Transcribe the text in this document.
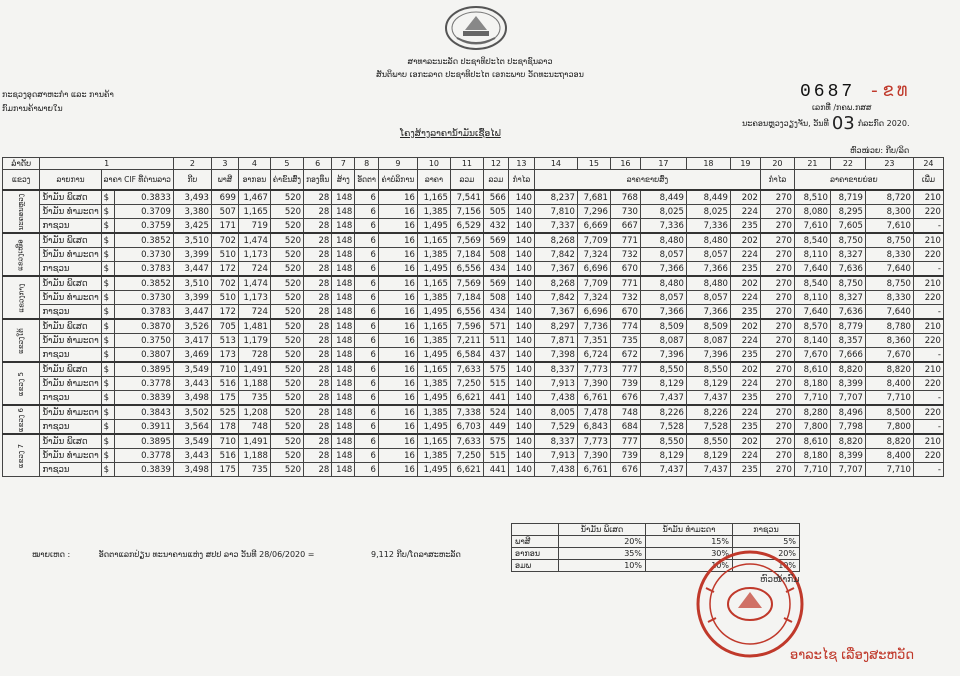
ສາທາລະນະລັດ ປະຊາທິປະໄຕ ປະຊາຊົນລາວ
ສັນຕິພາບ ເອກະລາດ ປະຊາທິປະໄຕ ເອກະພາບ ວັດທະນະຖາວອນ
ກະຊວງອຸດສາຫະກຳ ແລະ ການຄ້າ
ກົມການຄ້າພາຍໃນ
0687 -ຂທ
ເລກທີ່ /ກຄພ.ກສສ
ນະຄອນຫຼວງວຽງຈັນ, ວັນທີ 03 ກໍລະກົດ 2020.
ໂຄງສ້າງລາຄານ້ຳມັນເຊື້ອໄຟ
ຫົວໜ່ວຍ: ກີບ/ລິດ
ລຳດັບ	1			2	3	4	5	6	7	8	9	10	11	12	13	14	15	16	17	18	19	20	21	22	23	24
ແຂວງ	ລາຍການ	ລາຄາ CIF ທີ່ດ່ານລາວ		ກີບ	ພາສີ	ອາກອນ	ຄ່າຂົນສົ່ງ	ກອງທຶນ	ສ້າງ	ອັດຕາ	ຄ່າບໍລິການ	ລາຄາ	ລວມ	ລວມ	ກຳໄລ	ລາຄາຂາຍສົ່ງ						ກຳໄລ	ລາຄາຂາຍຍ່ອຍ			ເພີ່ມ
ນະຄອນຫຼວງ	ນ້ຳມັນ ພິເສດ	$	0.3833	3,493	699	1,467	520	28	148	6	16	1,165	7,541	566	140	8,237	7,681	768	8,449	8,449	202	270	8,510	8,719	8,720	210
	ນ້ຳມັນ ທຳມະດາ	$	0.3709	3,380	507	1,165	520	28	148	6	16	1,385	7,156	505	140	7,810	7,296	730	8,025	8,025	224	270	8,080	8,295	8,300	220
	ກາຊວນ	$	0.3759	3,425	171	719	520	28	148	6	16	1,495	6,529	432	140	7,337	6,669	667	7,336	7,336	235	270	7,610	7,605	7,610	-
ແຂວງເໜືອ	ນ້ຳມັນ ພິເສດ	$	0.3852	3,510	702	1,474	520	28	148	6	16	1,165	7,569	569	140	8,268	7,709	771	8,480	8,480	202	270	8,540	8,750	8,750	210
	ນ້ຳມັນ ທຳມະດາ	$	0.3730	3,399	510	1,173	520	28	148	6	16	1,385	7,184	508	140	7,842	7,324	732	8,057	8,057	224	270	8,110	8,327	8,330	220
	ກາຊວນ	$	0.3783	3,447	172	724	520	28	148	6	16	1,495	6,556	434	140	7,367	6,696	670	7,366	7,366	235	270	7,640	7,636	7,640	-
ແຂວງກາງ	ນ້ຳມັນ ພິເສດ	$	0.3852	3,510	702	1,474	520	28	148	6	16	1,165	7,569	569	140	8,268	7,709	771	8,480	8,480	202	270	8,540	8,750	8,750	210
	ນ້ຳມັນ ທຳມະດາ	$	0.3730	3,399	510	1,173	520	28	148	6	16	1,385	7,184	508	140	7,842	7,324	732	8,057	8,057	224	270	8,110	8,327	8,330	220
	ກາຊວນ	$	0.3783	3,447	172	724	520	28	148	6	16	1,495	6,556	434	140	7,367	6,696	670	7,366	7,366	235	270	7,640	7,636	7,640	-
ແຂວງໃຕ້	ນ້ຳມັນ ພິເສດ	$	0.3870	3,526	705	1,481	520	28	148	6	16	1,165	7,596	571	140	8,297	7,736	774	8,509	8,509	202	270	8,570	8,779	8,780	210
	ນ້ຳມັນ ທຳມະດາ	$	0.3750	3,417	513	1,179	520	28	148	6	16	1,385	7,211	511	140	7,871	7,351	735	8,087	8,087	224	270	8,140	8,357	8,360	220
	ກາຊວນ	$	0.3807	3,469	173	728	520	28	148	6	16	1,495	6,584	437	140	7,398	6,724	672	7,396	7,396	235	270	7,670	7,666	7,670	-
ແຂວງ 5	ນ້ຳມັນ ພິເສດ	$	0.3895	3,549	710	1,491	520	28	148	6	16	1,165	7,633	575	140	8,337	7,773	777	8,550	8,550	202	270	8,610	8,820	8,820	210
	ນ້ຳມັນ ທຳມະດາ	$	0.3778	3,443	516	1,188	520	28	148	6	16	1,385	7,250	515	140	7,913	7,390	739	8,129	8,129	224	270	8,180	8,399	8,400	220
	ກາຊວນ	$	0.3839	3,498	175	735	520	28	148	6	16	1,495	6,621	441	140	7,438	6,761	676	7,437	7,437	235	270	7,710	7,707	7,710	-
ແຂວງ 6	ນ້ຳມັນ ທຳມະດາ	$	0.3843	3,502	525	1,208	520	28	148	6	16	1,385	7,338	524	140	8,005	7,478	748	8,226	8,226	224	270	8,280	8,496	8,500	220
	ກາຊວນ	$	0.3911	3,564	178	748	520	28	148	6	16	1,495	6,703	449	140	7,529	6,843	684	7,528	7,528	235	270	7,800	7,798	7,800	-
ແຂວງ 7	ນ້ຳມັນ ພິເສດ	$	0.3895	3,549	710	1,491	520	28	148	6	16	1,165	7,633	575	140	8,337	7,773	777	8,550	8,550	202	270	8,610	8,820	8,820	210
	ນ້ຳມັນ ທຳມະດາ	$	0.3778	3,443	516	1,188	520	28	148	6	16	1,385	7,250	515	140	7,913	7,390	739	8,129	8,129	224	270	8,180	8,399	8,400	220
	ກາຊວນ	$	0.3839	3,498	175	735	520	28	148	6	16	1,495	6,621	441	140	7,438	6,761	676	7,437	7,437	235	270	7,710	7,707	7,710	-
	ນ້ຳມັນ ພິເສດ	ນ້ຳມັນ ທຳມະດາ	ກາຊວນ
ພາສີ	20%	15%	5%
ອາກອນ	35%	30%	20%
ອມພ	10%	10%	10%
ໝາຍເຫດ :	ອັດຕາແລກປ່ຽນ ທະນາຄານແຫ່ງ ສປປ ລາວ ວັນທີ 28/06/2020 =	9,112 ກີບ/ໂດລາສະຫະລັດ
ຫົວໜ້າກົມ
ອາລະໄຊ ເລື່ອງສະຫວັດ
